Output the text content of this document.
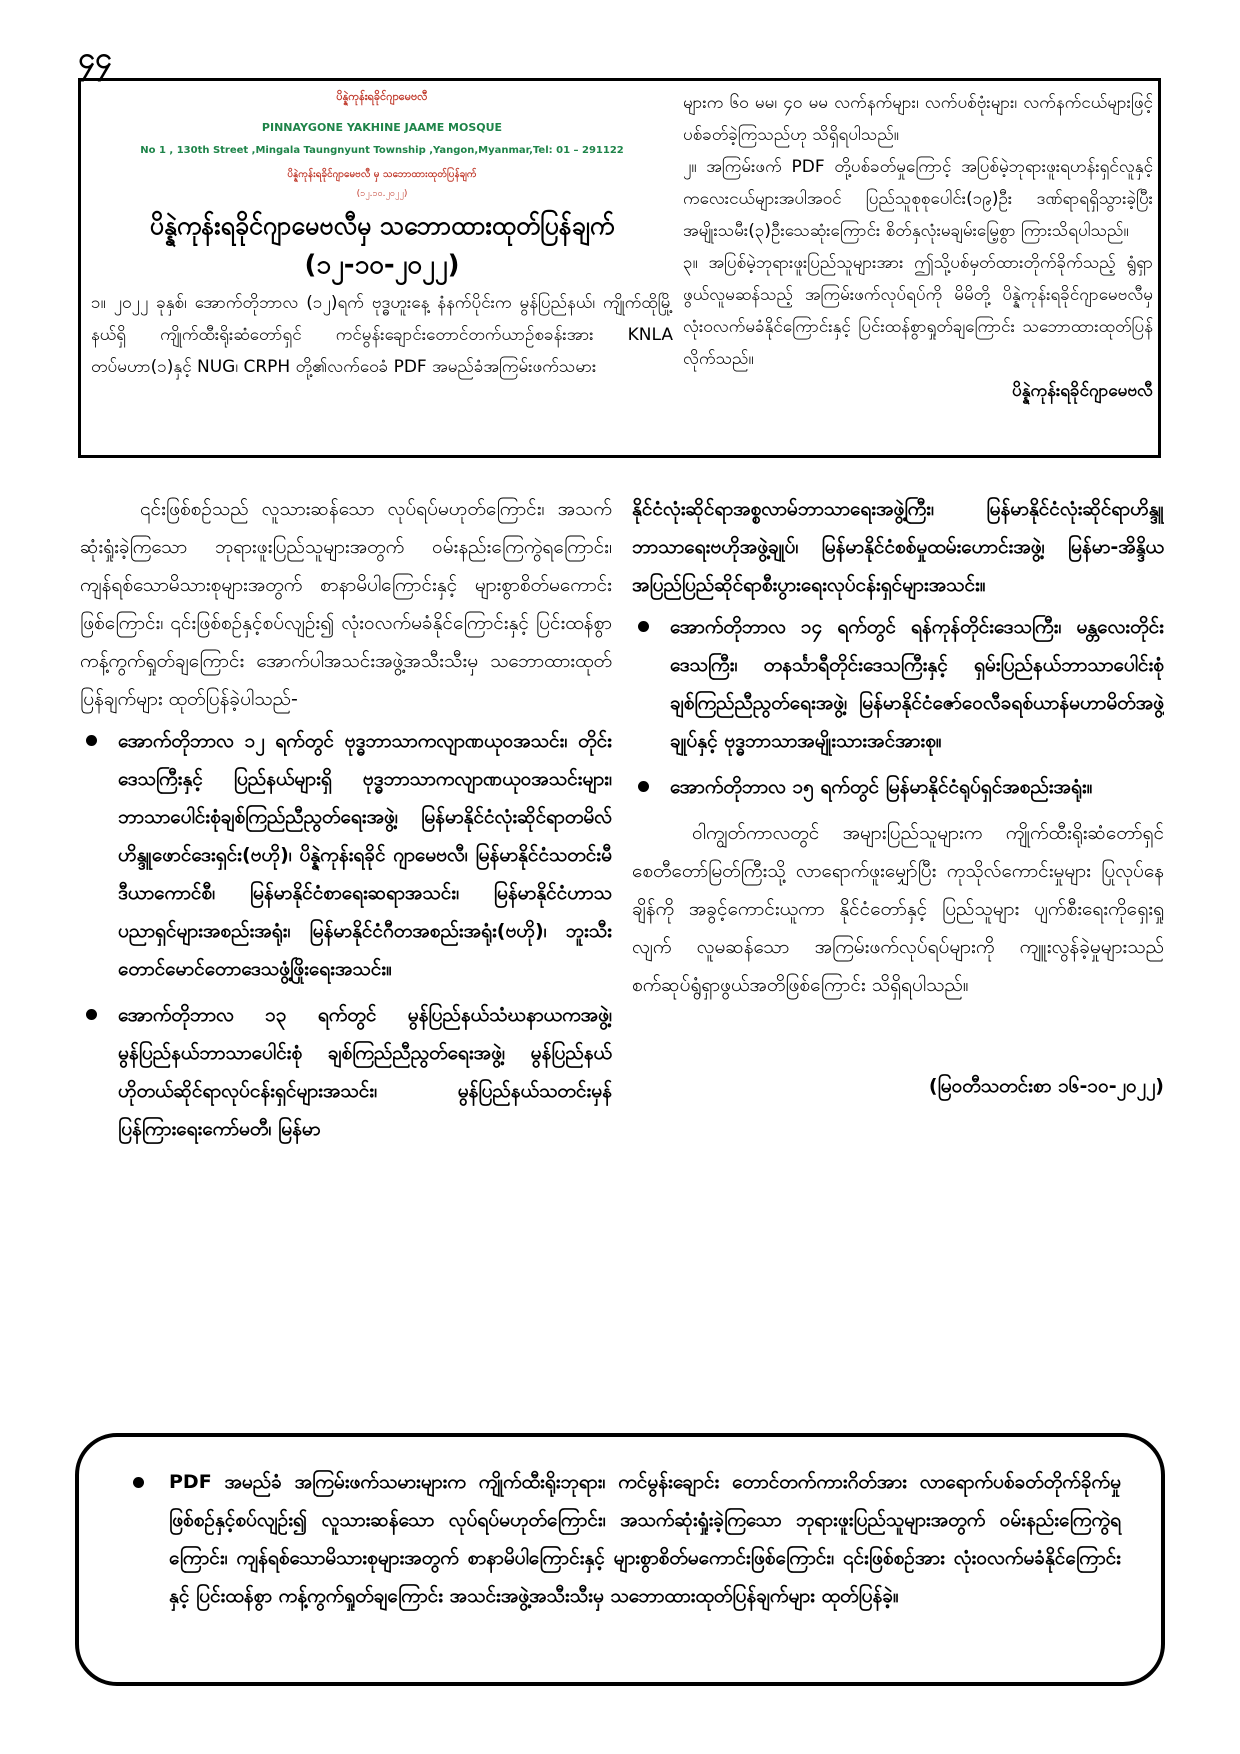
၄၄
ပိန္နဲကုန်းရခိုင်ဂျာမေဗလီ
PINNAYGONE YAKHINE JAAME MOSQUE
No 1 , 130th Street ,Mingala Taungnyunt Township ,Yangon,Myanmar,Tel: 01 – 291122
ပိန္နဲကုန်းရခိုင်ဂျာမေဗလီ မှ သဘောထားထုတ်ပြန်ချက်
(၁၂.၁၀.၂၀၂၂)
ပိန္နဲကုန်းရခိုင်ဂျာမေဗလီမှ သဘောထားထုတ်ပြန်ချက်
(၁၂-၁၀-၂၀၂၂)

၁။ ၂၀၂၂ ခုနှစ်၊ အောက်တိုဘာလ (၁၂)ရက် ဗုဒ္ဓဟူးနေ့ နံနက်ပိုင်းက မွန်ပြည်နယ်၊ ကျိုက်ထိုမြို့နယ်ရှိ ကျိုက်ထီးရိုးဆံတော်ရှင် ကင်မွန်းချောင်းတောင်တက်ယာဉ်စခန်းအား KNLA တပ်မဟာ(၁)နှင့် NUG၊ CRPH တို့၏လက်ဝေခံ PDF အမည်ခံအကြမ်းဖက်သမား

များက ၆၀ မမ၊ ၄၀ မမ လက်နက်များ၊ လက်ပစ်ဗုံးများ၊ လက်နက်ငယ်များဖြင့် ပစ်ခတ်ခဲ့ကြသည်ဟု သိရှိရပါသည်။

၂။ အကြမ်းဖက် PDF တို့ပစ်ခတ်မှုကြောင့် အပြစ်မဲ့ဘုရားဖူးရဟန်းရှင်လူနှင့် ကလေးငယ်များအပါအဝင် ပြည်သူစုစုပေါင်း(၁၉)ဦး ဒဏ်ရာရရှိသွားခဲ့ပြီး အမျိုးသမီး(၃)ဦးသေဆုံးကြောင်း စိတ်နှလုံးမချမ်းမြေ့စွာ ကြားသိရပါသည်။

၃။ အပြစ်မဲ့ဘုရားဖူးပြည်သူများအား ဤသို့ပစ်မှတ်ထားတိုက်ခိုက်သည့် ရွံရှာဖွယ်လူမဆန်သည့် အကြမ်းဖက်လုပ်ရပ်ကို မိမိတို့ ပိန္နဲကုန်းရခိုင်ဂျာမေဗလီမှ လုံးဝလက်မခံနိုင်ကြောင်းနှင့် ပြင်းထန်စွာရှုတ်ချကြောင်း သဘောထားထုတ်ပြန်လိုက်သည်။

ပိန္နဲကုန်းရခိုင်ဂျာမေဗလီ

၎င်းဖြစ်စဉ်သည် လူသားဆန်သော လုပ်ရပ်မဟုတ်ကြောင်း၊ အသက်ဆုံးရှုံးခဲ့ကြသော ဘုရားဖူးပြည်သူများအတွက် ဝမ်းနည်းကြေကွဲရကြောင်း၊ ကျန်ရစ်သောမိသားစုများအတွက် စာနာမိပါကြောင်းနှင့် များစွာစိတ်မကောင်းဖြစ်ကြောင်း၊ ၎င်းဖြစ်စဉ်နှင့်စပ်လျဉ်း၍ လုံးဝလက်မခံနိုင်ကြောင်းနှင့် ပြင်းထန်စွာ ကန့်ကွက်ရှုတ်ချကြောင်း အောက်ပါအသင်းအဖွဲ့အသီးသီးမှ သဘောထားထုတ်ပြန်ချက်များ ထုတ်ပြန်ခဲ့ပါသည်-

အောက်တိုဘာလ ၁၂ ရက်တွင် ဗုဒ္ဓဘာသာကလျာဏယုဝအသင်း၊ တိုင်းဒေသကြီးနှင့် ပြည်နယ်များရှိ ဗုဒ္ဓဘာသာကလျာဏယုဝအသင်းများ၊ ဘာသာပေါင်းစုံချစ်ကြည်ညီညွတ်ရေးအဖွဲ့၊ မြန်မာနိုင်ငံလုံးဆိုင်ရာတမိလ်ဟိန္ဒူဖောင်ဒေးရှင်း(ဗဟို)၊ ပိန္နဲကုန်းရခိုင် ဂျာမေဗလီ၊ မြန်မာနိုင်ငံသတင်းမီဒီယာကောင်စီ၊ မြန်မာနိုင်ငံစာရေးဆရာအသင်း၊ မြန်မာနိုင်ငံဟာသပညာရှင်များအစည်းအရုံး၊ မြန်မာနိုင်ငံဂီတအစည်းအရုံး(ဗဟို)၊ ဘူးသီးတောင်မောင်တောဒေသဖွံ့ဖြိုးရေးအသင်း။
အောက်တိုဘာလ ၁၃ ရက်တွင် မွန်ပြည်နယ်သံဃနာယကအဖွဲ့၊ မွန်ပြည်နယ်ဘာသာပေါင်းစုံ ချစ်ကြည်ညီညွတ်ရေးအဖွဲ့၊ မွန်ပြည်နယ်ဟိုတယ်ဆိုင်ရာလုပ်ငန်းရှင်များအသင်း၊ မွန်ပြည်နယ်သတင်းမှန်ပြန်ကြားရေးကော်မတီ၊ မြန်မာ

နိုင်ငံလုံးဆိုင်ရာအစ္စလာမ်ဘာသာရေးအဖွဲ့ကြီး၊ မြန်မာနိုင်ငံလုံးဆိုင်ရာဟိန္ဒူဘာသာရေးဗဟိုအဖွဲ့ချုပ်၊ မြန်မာနိုင်ငံစစ်မှုထမ်းဟောင်းအဖွဲ့၊ မြန်မာ-အိန္ဒိယ အပြည်ပြည်ဆိုင်ရာစီးပွားရေးလုပ်ငန်းရှင်များအသင်း။

အောက်တိုဘာလ ၁၄ ရက်တွင် ရန်ကုန်တိုင်းဒေသကြီး၊ မန္တလေးတိုင်းဒေသကြီး၊ တနင်္သာရီတိုင်းဒေသကြီးနှင့် ရှမ်းပြည်နယ်ဘာသာပေါင်းစုံချစ်ကြည်ညီညွတ်ရေးအဖွဲ့၊ မြန်မာနိုင်ငံဇော်ဝေလီခရစ်ယာန်မဟာမိတ်အဖွဲ့ချုပ်နှင့် ဗုဒ္ဓဘာသာအမျိုးသားအင်အားစု။
အောက်တိုဘာလ ၁၅ ရက်တွင် မြန်မာနိုင်ငံရုပ်ရှင်အစည်းအရုံး။

ဝါကျွတ်ကာလတွင် အများပြည်သူများက ကျိုက်ထီးရိုးဆံတော်ရှင်စေတီတော်မြတ်ကြီးသို့ လာရောက်ဖူးမျှော်ပြီး ကုသိုလ်ကောင်းမှုများ ပြုလုပ်နေချိန်ကို အခွင့်ကောင်းယူကာ နိုင်ငံတော်နှင့် ပြည်သူများ ပျက်စီးရေးကိုရှေးရှုလျက် လူမဆန်သော အကြမ်းဖက်လုပ်ရပ်များကို ကျူးလွန်ခဲ့မှုများသည် စက်ဆုပ်ရွံရှာဖွယ်အတိဖြစ်ကြောင်း သိရှိရပါသည်။

(မြဝတီသတင်းစာ ၁၆-၁၀-၂၀၂၂)
PDF အမည်ခံ အကြမ်းဖက်သမားများက ကျိုက်ထီးရိုးဘုရား၊ ကင်မွန်းချောင်း တောင်တက်ကားဂိတ်အား လာရောက်ပစ်ခတ်တိုက်ခိုက်မှုဖြစ်စဉ်နှင့်စပ်လျဉ်း၍ လူသားဆန်သော လုပ်ရပ်မဟုတ်ကြောင်း၊ အသက်ဆုံးရှုံးခဲ့ကြသော ဘုရားဖူးပြည်သူများအတွက် ဝမ်းနည်းကြေကွဲရကြောင်း၊ ကျန်ရစ်သောမိသားစုများအတွက် စာနာမိပါကြောင်းနှင့် များစွာစိတ်မကောင်းဖြစ်ကြောင်း၊ ၎င်းဖြစ်စဉ်အား လုံးဝလက်မခံနိုင်ကြောင်းနှင့် ပြင်းထန်စွာ ကန့်ကွက်ရှုတ်ချကြောင်း အသင်းအဖွဲ့အသီးသီးမှ သဘောထားထုတ်ပြန်ချက်များ ထုတ်ပြန်ခဲ့။
